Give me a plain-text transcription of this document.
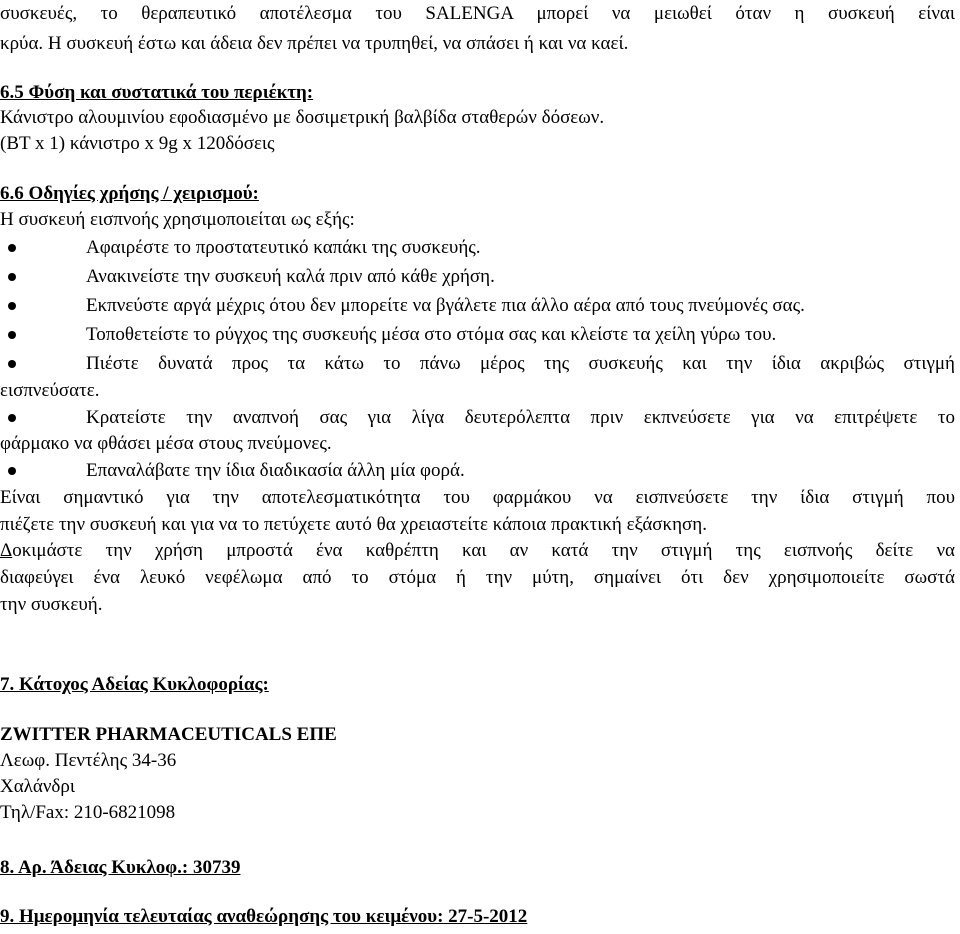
συσκευές, το θεραπευτικό αποτέλεσμα του SALENGA μπορεί να μειωθεί όταν η συσκευή είναι
κρύα. Η συσκευή έστω και άδεια δεν πρέπει να τρυπηθεί, να σπάσει ή και να καεί.
6.5 Φύση και συστατικά του περιέκτη:
Κάνιστρο αλουμινίου εφοδιασμένο με δοσιμετρική βαλβίδα σταθερών δόσεων.
(BT x 1) κάνιστρο x 9g x 120δόσεις
6.6 Οδηγίες χρήσης / χειρισμού:
Η συσκευή εισπνοής χρησιμοποιείται ως εξής:
Αφαιρέστε το προστατευτικό καπάκι της συσκευής.
Ανακινείστε την συσκευή καλά πριν από κάθε χρήση.
Εκπνεύστε αργά μέχρις ότου δεν μπορείτε να βγάλετε πια άλλο αέρα από τους πνεύμονές σας.
Τοποθετείστε το ρύγχος της συσκευής μέσα στο στόμα σας και κλείστε τα χείλη γύρω του.
Πιέστε δυνατά προς τα κάτω το πάνω μέρος της συσκευής και την ίδια ακριβώς στιγμή
εισπνεύσατε.
Κρατείστε την αναπνοή σας για λίγα δευτερόλεπτα πριν εκπνεύσετε για να επιτρέψετε το
φάρμακο να φθάσει μέσα στους πνεύμονες.
Επαναλάβατε την ίδια διαδικασία άλλη μία φορά.
Είναι σημαντικό για την αποτελεσματικότητα του φαρμάκου να εισπνεύσετε την ίδια στιγμή που
πιέζετε την συσκευή και για να το πετύχετε αυτό θα χρειαστείτε κάποια πρακτική εξάσκηση.
Δοκιμάστε την χρήση μπροστά ένα καθρέπτη και αν κατά την στιγμή της εισπνοής δείτε να
διαφεύγει ένα λευκό νεφέλωμα από το στόμα ή την μύτη, σημαίνει ότι δεν χρησιμοποιείτε σωστά
την συσκευή.
7. Κάτοχος Αδείας Κυκλοφορίας:
ZWITTER PHARMACEUTICALS ΕΠΕ
Λεωφ. Πεντέλης 34-36
Χαλάνδρι
Τηλ/Fax: 210-6821098
8. Αρ. Άδειας Κυκλοφ.: 30739
9. Ημερομηνία τελευταίας αναθεώρησης του κειμένου: 27-5-2012
